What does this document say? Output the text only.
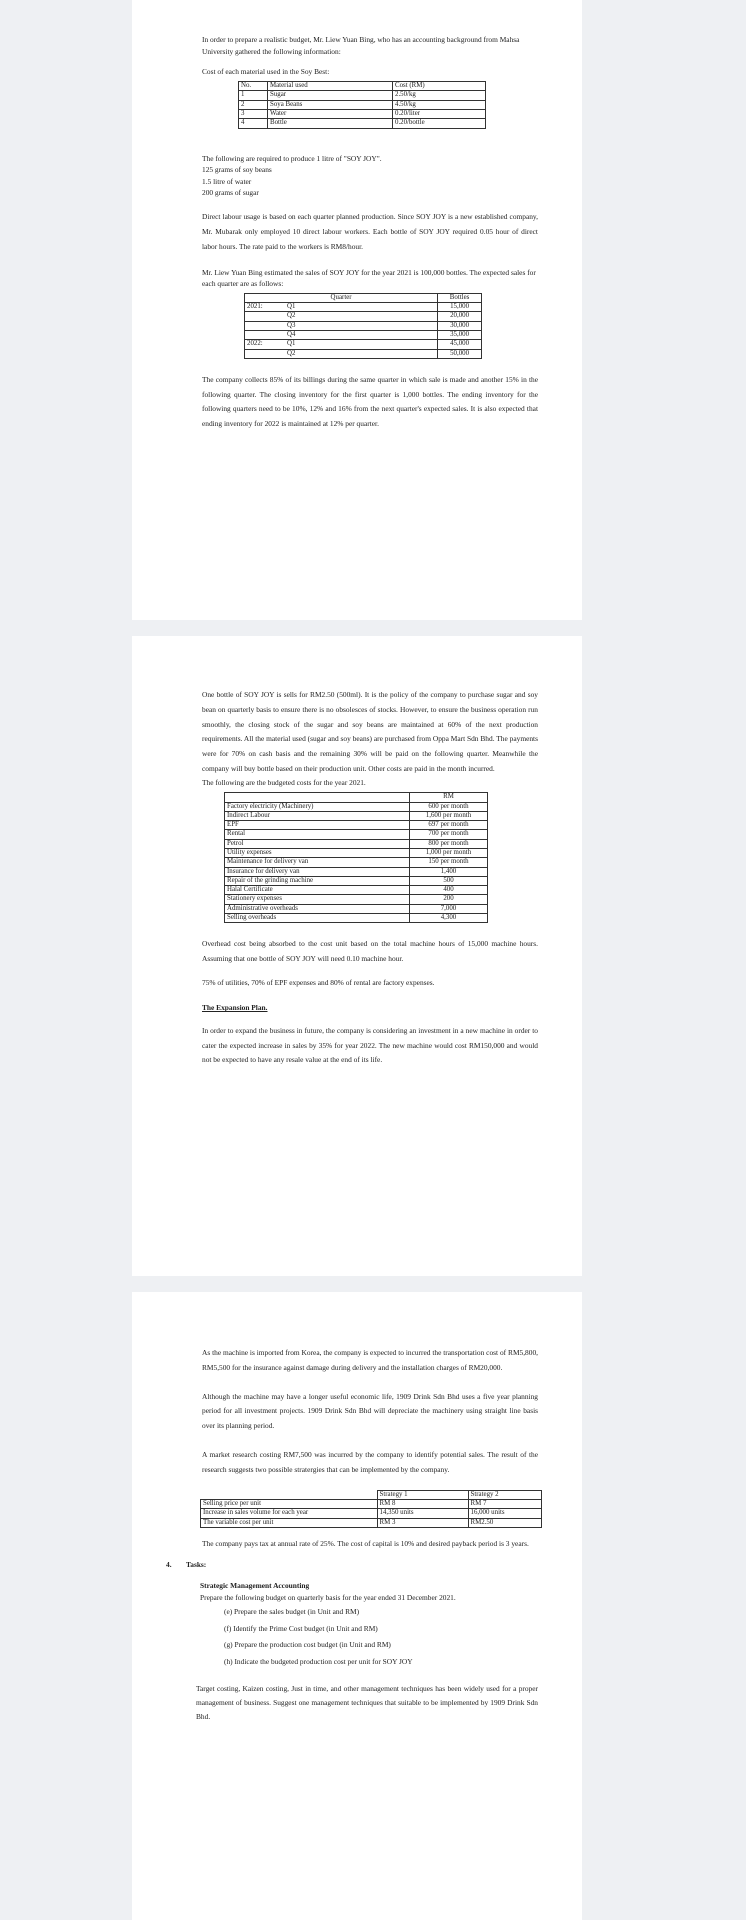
In order to prepare a realistic budget, Mr. Liew Yuan Bing, who has an accounting background from Mahsa University gathered the following information:

Cost of each material used in the Soy Best:

No.	Material used	Cost (RM)
1	Sugar	2.50/kg
2	Soya Beans	4.50/kg
3	Water	0.20/liter
4	Bottle	0.20/bottle
The following are required to produce 1 litre of "SOY JOY".
125 grams of soy beans
1.5 litre of water
200 grams of sugar

Direct labour usage is based on each quarter planned production. Since SOY JOY is a new established company, Mr. Mubarak only employed 10 direct labour workers. Each bottle of SOY JOY required 0.05 hour of direct labor hours. The rate paid to the workers is RM8/hour.

Mr. Liew Yuan Bing estimated the sales of SOY JOY for the year 2021 is 100,000 bottles. The expected sales for each quarter are as follows:

Quarter		Bottles
2021:	Q1	15,000
	Q2	20,000
	Q3	30,000
	Q4	35,000
2022:	Q1	45,000
	Q2	50,000

The company collects 85% of its billings during the same quarter in which sale is made and another 15% in the following quarter. The closing inventory for the first quarter is 1,000 bottles. The ending inventory for the following quarters need to be 10%, 12% and 16% from the next quarter's expected sales. It is also expected that ending inventory for 2022 is maintained at 12% per quarter.

One bottle of SOY JOY is sells for RM2.50 (500ml). It is the policy of the company to purchase sugar and soy bean on quarterly basis to ensure there is no obsolesces of stocks. However, to ensure the business operation run smoothly, the closing stock of the sugar and soy beans are maintained at 60% of the next production requirements. All the material used (sugar and soy beans) are purchased from Oppa Mart Sdn Bhd. The payments were for 70% on cash basis and the remaining 30% will be paid on the following quarter. Meanwhile the company will buy bottle based on their production unit. Other costs are paid in the month incurred.

The following are the budgeted costs for the year 2021.

	RM
Factory electricity (Machinery)	600 per month
Indirect Labour	1,600 per month
EPF	697 per month
Rental	700 per month
Petrol	800 per month
Utility expenses	1,000 per month
Maintenance for delivery van	150 per month
Insurance for delivery van	1,400
Repair of the grinding machine	500
Halal Certificate	400
Stationery expenses	200
Administrative overheads	7,000
Selling overheads	4,300

Overhead cost being absorbed to the cost unit based on the total machine hours of 15,000 machine hours. Assuming that one bottle of SOY JOY will need 0.10 machine hour.

75% of utilities, 70% of EPF expenses and 80% of rental are factory expenses.

The Expansion Plan.

In order to expand the business in future, the company is considering an investment in a new machine in order to cater the expected increase in sales by 35% for year 2022. The new machine would cost RM150,000 and would not be expected to have any resale value at the end of its life.

As the machine is imported from Korea, the company is expected to incurred the transportation cost of RM5,800, RM5,500 for the insurance against damage during delivery and the installation charges of RM20,000.

Although the machine may have a longer useful economic life, 1909 Drink Sdn Bhd uses a five year planning period for all investment projects. 1909 Drink Sdn Bhd will depreciate the machinery using straight line basis over its planning period.

A market research costing RM7,500 was incurred by the company to identify potential sales. The result of the research suggests two possible stratergies that can be implemented by the company.

	Strategy 1	Strategy 2
Selling price per unit	RM 8	RM 7
Increase in sales volume for each year	14,350 units	16,000 units
The variable cost per unit	RM 3	RM2.50

The company pays tax at annual rate of 25%. The cost of capital is 10% and desired payback period is 3 years.

4. Tasks:
Strategic Management Accounting
Prepare the following budget on quarterly basis for the year ended 31 December 2021.
(e) Prepare the sales budget (in Unit and RM)
(f) Identify the Prime Cost budget (in Unit and RM)
(g) Prepare the production cost budget (in Unit and RM)
(h) Indicate the budgeted production cost per unit for SOY JOY

Target costing, Kaizen costing, Just in time, and other management techniques has been widely used for a proper management of business. Suggest one management techniques that suitable to be implemented by 1909 Drink Sdn Bhd.
